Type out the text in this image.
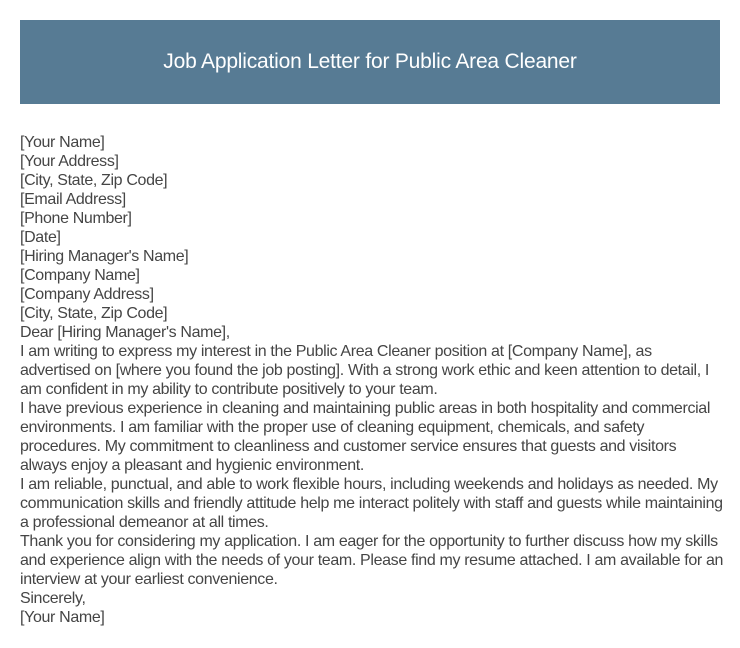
Job Application Letter for Public Area Cleaner
[Your Name]
[Your Address]
[City, State, Zip Code]
[Email Address]
[Phone Number]
[Date]
[Hiring Manager's Name]
[Company Name]
[Company Address]
[City, State, Zip Code]
Dear [Hiring Manager's Name],

I am writing to express my interest in the Public Area Cleaner position at [Company Name], as advertised on [where you found the job posting]. With a strong work ethic and keen attention to detail, I am confident in my ability to contribute positively to your team.

I have previous experience in cleaning and maintaining public areas in both hospitality and commercial environments. I am familiar with the proper use of cleaning equipment, chemicals, and safety procedures. My commitment to cleanliness and customer service ensures that guests and visitors always enjoy a pleasant and hygienic environment.

I am reliable, punctual, and able to work flexible hours, including weekends and holidays as needed. My communication skills and friendly attitude help me interact politely with staff and guests while maintaining a professional demeanor at all times.

Thank you for considering my application. I am eager for the opportunity to further discuss how my skills and experience align with the needs of your team. Please find my resume attached. I am available for an interview at your earliest convenience.

Sincerely,
[Your Name]
